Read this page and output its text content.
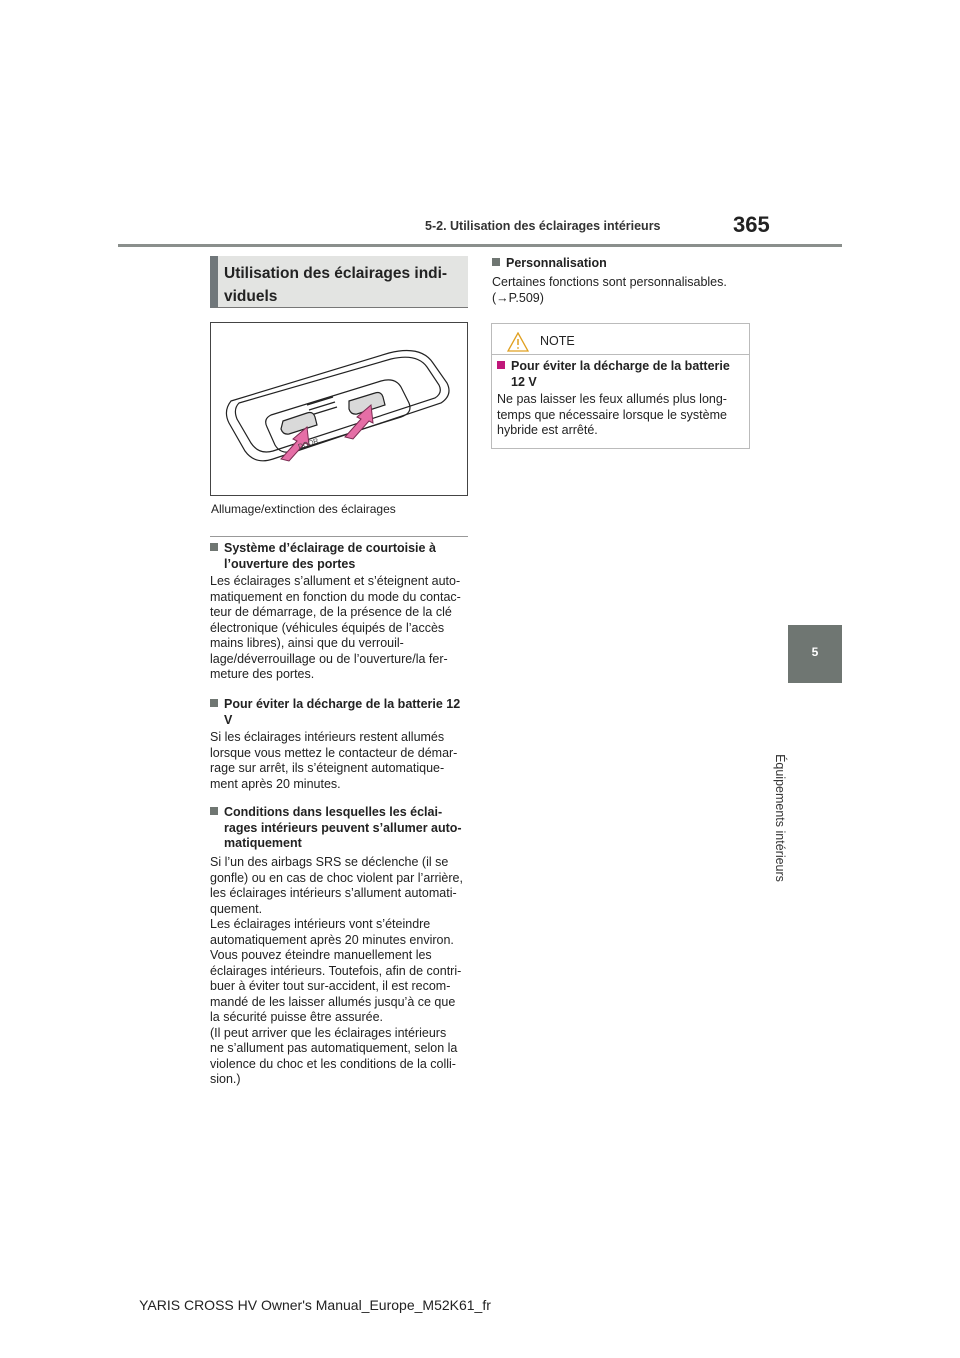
5-2. Utilisation des éclairages intérieurs	365
5
Équipements intérieurs
Utilisation des éclairages indi-
viduels
DOOR
Allumage/extinction des éclairages
Système d’éclairage de courtoisie à
l’ouverture des portes
Les éclairages s’allument et s’éteignent auto-
matiquement en fonction du mode du contac-
teur de démarrage, de la présence de la clé
électronique (véhicules équipés de l’accès
mains libres), ainsi que du verrouil-
lage/déverrouillage ou de l’ouverture/la fer-
meture des portes.
Pour éviter la décharge de la batterie 12
V
Si les éclairages intérieurs restent allumés
lorsque vous mettez le contacteur de démar-
rage sur arrêt, ils s’éteignent automatique-
ment après 20 minutes.
Conditions dans lesquelles les éclai-
rages intérieurs peuvent s’allumer auto-
matiquement
Si l’un des airbags SRS se déclenche (il se
gonfle) ou en cas de choc violent par l’arrière,
les éclairages intérieurs s’allument automati-
quement.
Les éclairages intérieurs vont s’éteindre
automatiquement après 20 minutes environ.
Vous pouvez éteindre manuellement les
éclairages intérieurs. Toutefois, afin de contri-
buer à éviter tout sur-accident, il est recom-
mandé de les laisser allumés jusqu’à ce que
la sécurité puisse être assurée.
(Il peut arriver que les éclairages intérieurs
ne s’allument pas automatiquement, selon la
violence du choc et les conditions de la colli-
sion.)
Personnalisation
Certaines fonctions sont personnalisables.
(→P.509)
NOTE
Pour éviter la décharge de la batterie
12 V
Ne pas laisser les feux allumés plus long-
temps que nécessaire lorsque le système
hybride est arrêté.
YARIS CROSS HV Owner's Manual_Europe_M52K61_fr
